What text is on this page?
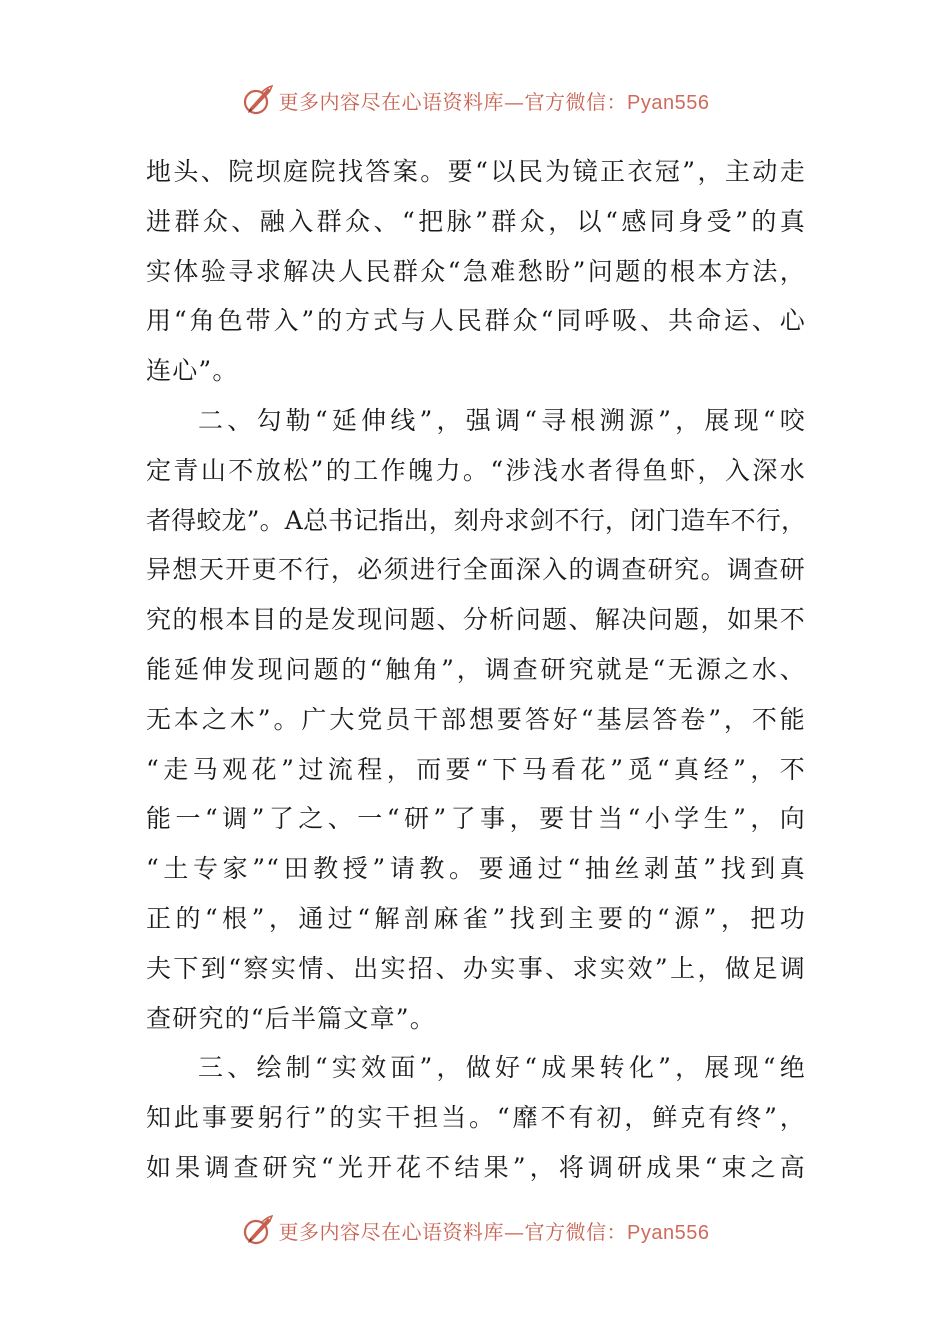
更多内容尽在心语资料库—官方微信：Pyan556
地头、院坝庭院找答案。要“以民为镜正衣冠”，主动走
进群众、融入群众、“把脉”群众，以“感同身受”的真
实体验寻求解决人民群众“急难愁盼”问题的根本方法，
用“角色带入”的方式与人民群众“同呼吸、共命运、心
连心”。
二、勾勒“延伸线”，强调“寻根溯源”，展现“咬
定青山不放松”的工作魄力。“涉浅水者得鱼虾，入深水
者得蛟龙”。A总书记指出，刻舟求剑不行，闭门造车不行，
异想天开更不行，必须进行全面深入的调查研究。调查研
究的根本目的是发现问题、分析问题、解决问题，如果不
能延伸发现问题的“触角”，调查研究就是“无源之水、
无本之木”。广大党员干部想要答好“基层答卷”，不能
“走马观花”过流程，而要“下马看花”觅“真经”，不
能一“调”了之、一“研”了事，要甘当“小学生”，向
“土专家”“田教授”请教。要通过“抽丝剥茧”找到真
正的“根”，通过“解剖麻雀”找到主要的“源”，把功
夫下到“察实情、出实招、办实事、求实效”上，做足调
查研究的“后半篇文章”。
三、绘制“实效面”，做好“成果转化”，展现“绝
知此事要躬行”的实干担当。“靡不有初，鲜克有终”，
如果调查研究“光开花不结果”，将调研成果“束之高
更多内容尽在心语资料库—官方微信：Pyan556
